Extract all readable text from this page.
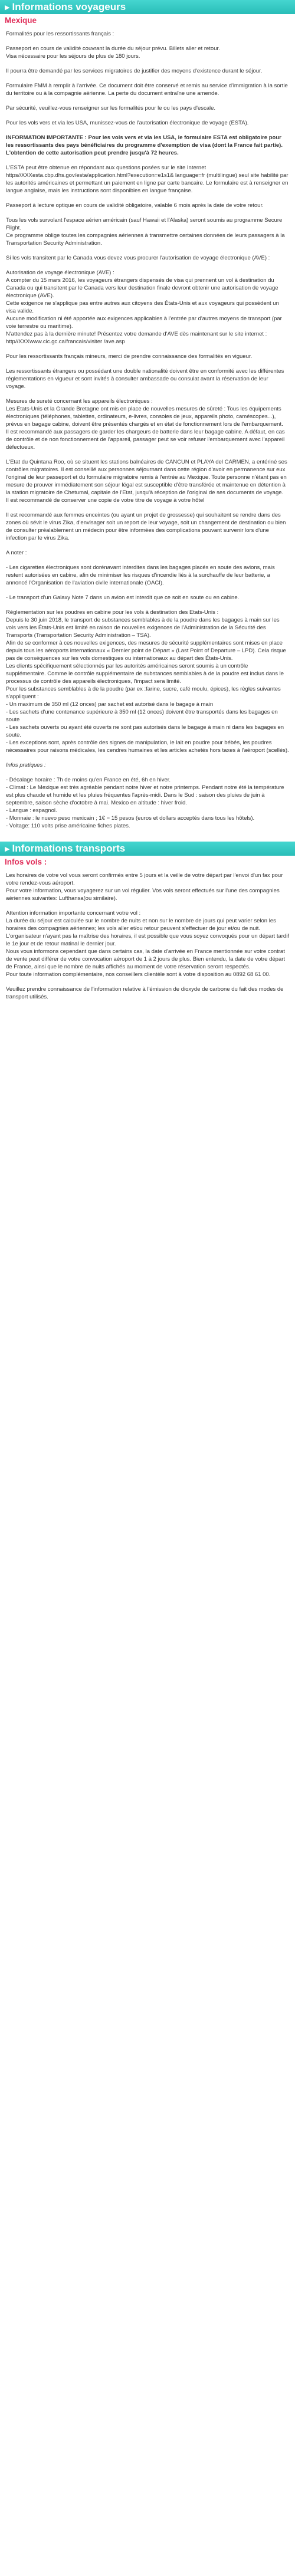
▶ Informations voyageurs
Mexique

Formalités pour les ressortissants français :

Passeport en cours de validité couvrant la durée du séjour prévu. Billets aller et retour.
Visa nécessaire pour les séjours de plus de 180 jours.

Il pourra être demandé par les services migratoires de justifier des moyens d'existence durant le séjour.

Formulaire FMM à remplir à l'arrivée. Ce document doit être conservé et remis au service d'immigration à la sortie du territoire ou à la compagnie aérienne. La perte du document entraîne une amende.

Par sécurité, veuillez-vous renseigner sur les formalités pour le ou les pays d'escale.

Pour les vols vers et via les USA, munissez-vous de l'autorisation électronique de voyage (ESTA).

INFORMATION IMPORTANTE : Pour les vols vers et via les USA, le formulaire ESTA est obligatoire pour les ressortissants des pays bénéficiaires du programme d'exemption de visa (dont la France fait partie). L'obtention de cette autorisation peut prendre jusqu'à 72 heures.

L'ESTA peut être obtenue en répondant aux questions posées sur le site Internet https//XXXesta.cbp.dhs.gov/esta/application.html?execution=e1s1& language=fr (multilingue) seul site habilité par les autorités américaines et permettant un paiement en ligne par carte bancaire. Le formulaire est à renseigner en langue anglaise, mais les instructions sont disponibles en langue française.

Passeport à lecture optique en cours de validité obligatoire, valable 6 mois après la date de votre retour.

Tous les vols survolant l'espace aérien américain (sauf Hawaii et l'Alaska) seront soumis au programme Secure Flight.
Ce programme oblige toutes les compagnies aériennes à transmettre certaines données de leurs passagers à la Transportation Security Administration.

Si les vols transitent par le Canada vous devez vous procurer l'autorisation de voyage électronique (AVE) :

Autorisation de voyage électronique (AVE) :
A compter du 15 mars 2016, les voyageurs étrangers dispensés de visa qui prennent un vol à destination du Canada ou qui transitent par le Canada vers leur destination finale devront obtenir une autorisation de voyage électronique (AVE).
Cette exigence ne s'applique pas entre autres aux citoyens des États-Unis et aux voyageurs qui possèdent un visa valide.
Aucune modification ni été apportée aux exigences applicables à l'entrée par d'autres moyens de transport (par voie terrestre ou maritime).
N'attendez pas à la dernière minute! Présentez votre demande d'AVE dès maintenant sur le site internet : http//XXXwww.cic.gc.ca/francais/visiter /ave.asp

Pour les ressortissants français mineurs, merci de prendre connaissance des formalités en vigueur.

Les ressortissants étrangers ou possédant une double nationalité doivent être en conformité avec les différentes réglementations en vigueur et sont invités à consulter ambassade ou consulat avant la réservation de leur voyage.

Mesures de sureté concernant les appareils électroniques :
Les Etats-Unis et la Grande Bretagne ont mis en place de nouvelles mesures de sûreté : Tous les équipements électroniques (téléphones, tablettes, ordinateurs, e-livres, consoles de jeux, appareils photo, caméscopes...), prévus en bagage cabine, doivent être présentés chargés et en état de fonctionnement lors de l'embarquement.
Il est recommandé aux passagers de garder les chargeurs de batterie dans leur bagage cabine. A défaut, en cas de contrôle et de non fonctionnement de l'appareil, passager peut se voir refuser l'embarquement avec l'appareil défectueux.

L'Etat du Quintana Roo, où se situent les stations balnéaires de CANCUN et PLAYA del CARMEN, a entériné ses contrôles migratoires. Il est conseillé aux personnes séjournant dans cette région d'avoir en permanence sur eux l'original de leur passeport et du formulaire migratoire remis à l'entrée au Mexique. Toute personne n'étant pas en mesure de prouver immédiatement son séjour légal est susceptible d'être transférée et maintenue en détention à la station migratoire de Chetumal, capitale de l'Etat, jusqu'à réception de l'original de ses documents de voyage.
Il est recommandé de conserver une copie de votre titre de voyage à votre hôtel

Il est recommandé aux femmes enceintes (ou ayant un projet de grossesse) qui souhaitent se rendre dans des zones où sévit le virus Zika, d'envisager soit un report de leur voyage, soit un changement de destination ou bien de consulter préalablement un médecin pour être informées des complications pouvant survenir lors d'une infection par le virus Zika.

A noter :

- Les cigarettes électroniques sont dorénavant interdites dans les bagages placés en soute des avions, mais restent autorisées en cabine, afin de minimiser les risques d'incendie liés à la surchauffe de leur batterie, a annoncé l'Organisation de l'aviation civile internationale (OACI).

- Le transport d'un Galaxy Note 7 dans un avion est interdit que ce soit en soute ou en cabine.

Réglementation sur les poudres en cabine pour les vols à destination des Etats-Unis :
Depuis le 30 juin 2018, le transport de substances semblables à de la poudre dans les bagages à main sur les vols vers les États-Unis est limité en raison de nouvelles exigences de l'Administration de la Sécurité des Transports (Transportation Security Administration – TSA).
Afin de se conformer à ces nouvelles exigences, des mesures de sécurité supplémentaires sont mises en place depuis tous les aéroports internationaux « Dernier point de Départ » (Last Point of Departure – LPD). Cela risque pas de conséquences sur les vols domestiques ou internationaux au départ des États-Unis.
Les clients spécifiquement sélectionnés par les autorités américaines seront soumis à un contrôle supplémentaire. Comme le contrôle supplémentaire de substances semblables à de la poudre est inclus dans le processus de contrôle des appareils électroniques, l'impact sera limité.
Pour les substances semblables à de la poudre (par ex :farine, sucre, café moulu, épices), les règles suivantes s'appliquent :
- Un maximum de 350 ml (12 onces) par sachet est autorisé dans le bagage à main
- Les sachets d'une contenance supérieure à 350 ml (12 onces) doivent être transportés dans les bagages en soute
- Les sachets ouverts ou ayant été ouverts ne sont pas autorisés dans le bagage à main ni dans les bagages en soute.
- Les exceptions sont, après contrôle des signes de manipulation, le lait en poudre pour bébés, les poudres nécessaires pour raisons médicales, les cendres humaines et les articles achetés hors taxes à l'aéroport (scellés).

Infos pratiques :

- Décalage horaire : 7h de moins qu'en France en été, 6h en hiver.
- Climat : Le Mexique est très agréable pendant notre hiver et notre printemps. Pendant notre été la température est plus chaude et humide et les pluies fréquentes l'après-midi. Dans le Sud : saison des pluies de juin à septembre, saison sèche d'octobre à mai. Mexico en altitude : hiver froid.
- Langue : espagnol.
- Monnaie : le nuevo peso mexicain ; 1€ = 15 pesos (euros et dollars acceptés dans tous les hôtels).
- Voltage: 110 volts prise américaine fiches plates.

▶ Informations transports
Infos vols :

Les horaires de votre vol vous seront confirmés entre 5 jours et la veille de votre départ par l'envoi d'un fax pour votre rendez-vous aéroport.
Pour votre information, vous voyagerez sur un vol régulier. Vos vols seront effectués sur l'une des compagnies aériennes suivantes: Lufthansa(ou similaire).

Attention information importante concernant votre vol :
La durée du séjour est calculée sur le nombre de nuits et non sur le nombre de jours qui peut varier selon les horaires des compagnies aériennes; les vols aller et/ou retour peuvent s'effectuer de jour et/ou de nuit. L'organisateur n'ayant pas la maîtrise des horaires, il est possible que vous soyez convoqués pour un départ tardif le 1e jour et de retour matinal le dernier jour.
Nous vous informons cependant que dans certains cas, la date d'arrivée en France mentionnée sur votre contrat de vente peut différer de votre convocation aéroport de 1 à 2 jours de plus. Bien entendu, la date de votre départ de France, ainsi que le nombre de nuits affichés au moment de votre réservation seront respectés.
Pour toute information complémentaire, nos conseillers clientèle sont à votre disposition au 0892 68 61 00.

Veuillez prendre connaissance de l'information relative à l'émission de dioxyde de carbone du fait des modes de transport utilisés.
